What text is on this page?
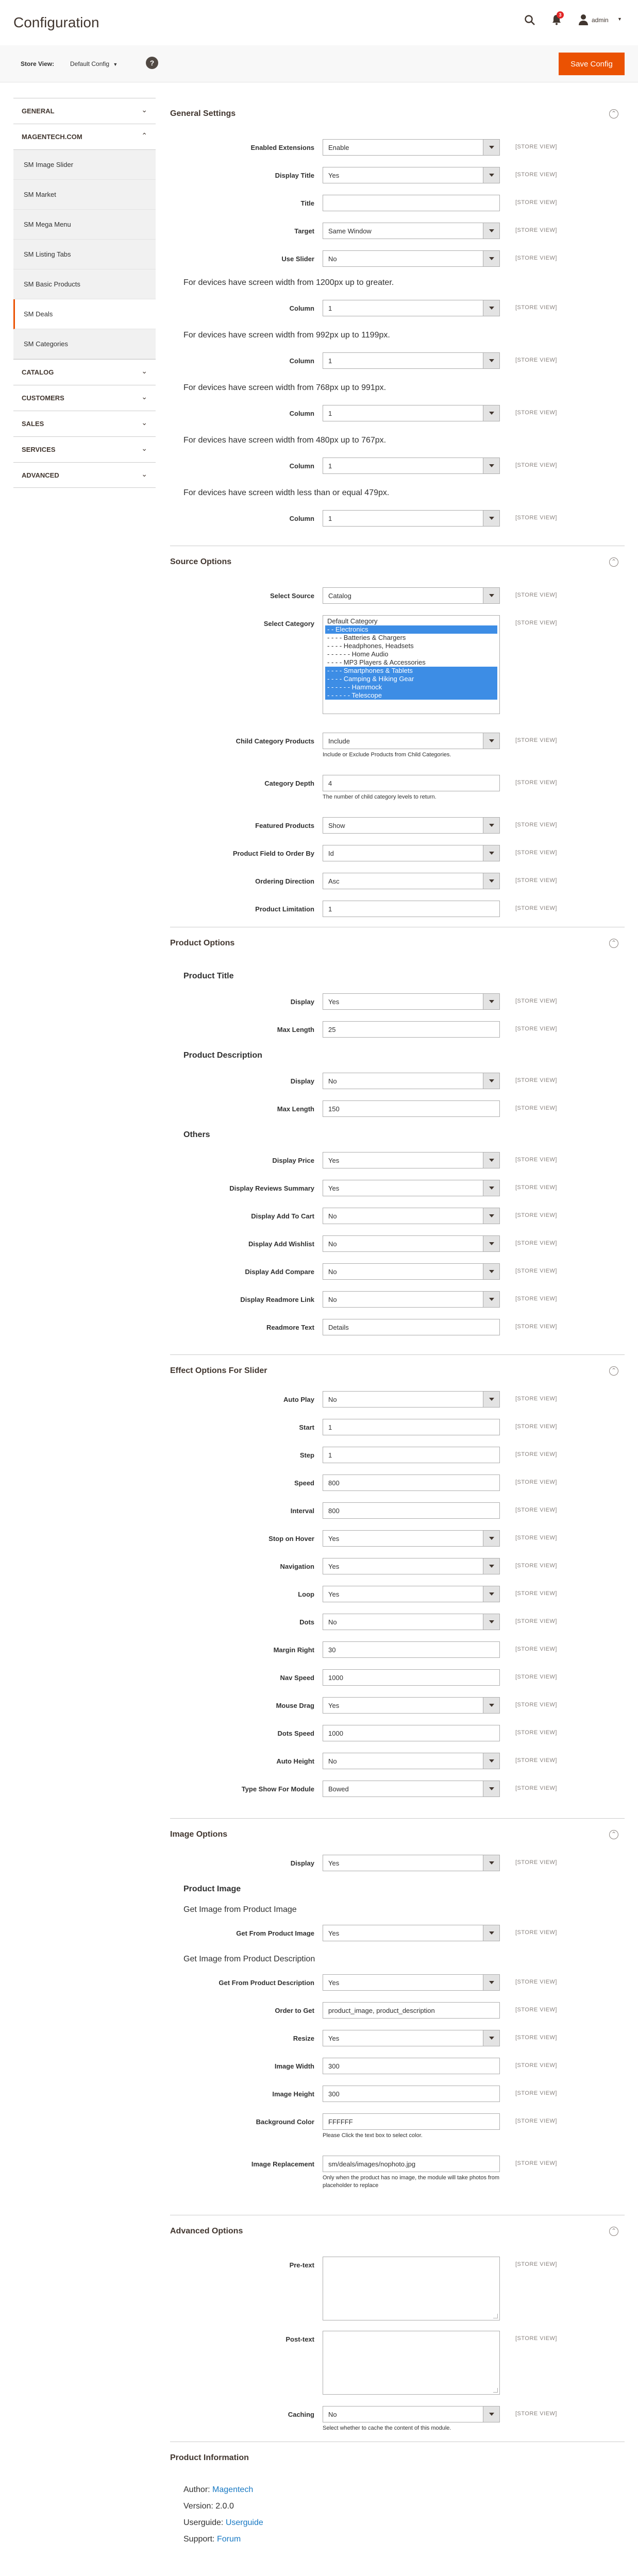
Configuration	3
admin ▼
Store View:	Default Config ▼	?	Save Config
GENERAL	⌄
MAGENTECH.COM	⌃
SM Image Slider
SM Market
SM Mega Menu
SM Listing Tabs
SM Basic Products
SM Deals
SM Categories
CATALOG	⌄
CUSTOMERS	⌄
SALES	⌄
SERVICES	⌄
ADVANCED	⌄
General Settings	⌃
Enabled Extensions Enable	[STORE VIEW]
Display Title Yes	[STORE VIEW]
Title	[STORE VIEW]
Target Same Window	[STORE VIEW]
Use Slider No	[STORE VIEW]
For devices have screen width from 1200px up to greater.
Column 1	[STORE VIEW]
For devices have screen width from 992px up to 1199px.
Column 1	[STORE VIEW]
For devices have screen width from 768px up to 991px.
Column 1	[STORE VIEW]
For devices have screen width from 480px up to 767px.
Column 1	[STORE VIEW]
For devices have screen width less than or equal 479px.
Column 1	[STORE VIEW]
Source Options	⌃
Select Source Catalog	[STORE VIEW]
Select Category	Default Category
- - Electronics
- - - - Batteries & Chargers
- - - - Headphones, Headsets
- - - - - - Home Audio
- - - - MP3 Players & Accessories
- - - - Smartphones & Tablets
- - - - Camping & Hiking Gear
- - - - - - Hammock
- - - - - - Telescope
[STORE VIEW]
Child Category Products Include	[STORE VIEW]
Include or Exclude Products from Child Categories.
Category Depth 4	[STORE VIEW]
The number of child category levels to return.
Featured Products Show	[STORE VIEW]
Product Field to Order By Id	[STORE VIEW]
Ordering Direction Asc	[STORE VIEW]
Product Limitation 1	[STORE VIEW]
Product Options	⌃
Product Title
Display Yes	[STORE VIEW]
Max Length 25	[STORE VIEW]
Product Description
Display No	[STORE VIEW]
Max Length 150	[STORE VIEW]
Others
Display Price Yes	[STORE VIEW]
Display Reviews Summary Yes	[STORE VIEW]
Display Add To Cart No	[STORE VIEW]
Display Add Wishlist No	[STORE VIEW]
Display Add Compare No	[STORE VIEW]
Display Readmore Link No	[STORE VIEW]
Readmore Text Details	[STORE VIEW]
Effect Options For Slider	⌃
Auto Play No	[STORE VIEW]
Start 1	[STORE VIEW]
Step 1	[STORE VIEW]
Speed 800	[STORE VIEW]
Interval 800	[STORE VIEW]
Stop on Hover Yes	[STORE VIEW]
Navigation Yes	[STORE VIEW]
Loop Yes	[STORE VIEW]
Dots No	[STORE VIEW]
Margin Right 30	[STORE VIEW]
Nav Speed 1000	[STORE VIEW]
Mouse Drag Yes	[STORE VIEW]
Dots Speed 1000	[STORE VIEW]
Auto Height No	[STORE VIEW]
Type Show For Module Bowed	[STORE VIEW]
Image Options	⌃
Display Yes	[STORE VIEW]
Product Image
Get Image from Product Image
Get From Product Image Yes	[STORE VIEW]
Get Image from Product Description
Get From Product Description Yes	[STORE VIEW]
Order to Get product_image, product_description	[STORE VIEW]
Resize Yes	[STORE VIEW]
Image Width 300	[STORE VIEW]
Image Height 300	[STORE VIEW]
Background Color FFFFFF	[STORE VIEW]
Please Click the text box to select color.
Image Replacement sm/deals/images/nophoto.jpg	[STORE VIEW]
Only when the product has no image, the module will take photos from placeholder to replace
Advanced Options	⌃
Pre-text	[STORE VIEW]
Post-text	[STORE VIEW]
Caching No	[STORE VIEW]
Select whether to cache the content of this module.
Product Information
Author: Magentech
Version: 2.0.0
Userguide: Userguide
Support: Forum
